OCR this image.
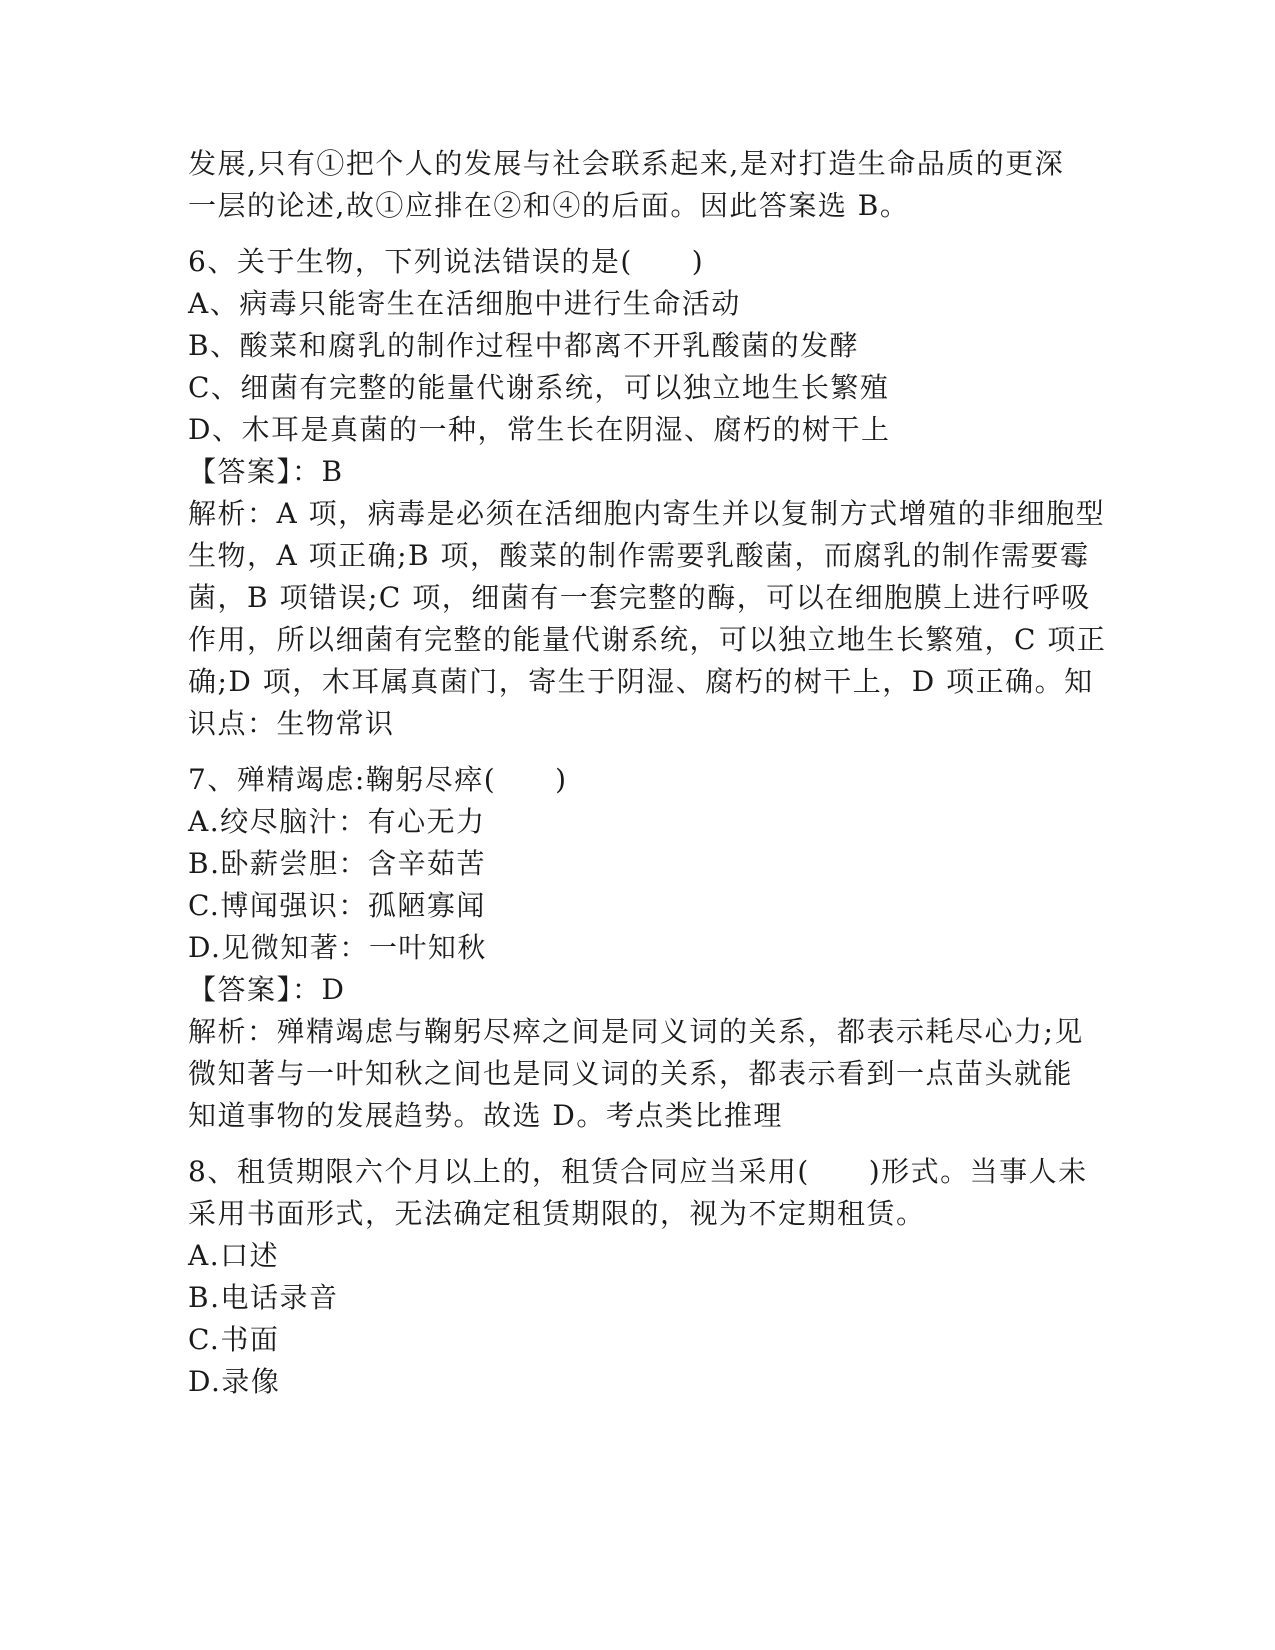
发展,只有①把个人的发展与社会联系起来,是对打造生命品质的更深
一层的论述,故①应排在②和④的后面。因此答案选 B。
6、关于生物，下列说法错误的是(　　)
A、病毒只能寄生在活细胞中进行生命活动
B、酸菜和腐乳的制作过程中都离不开乳酸菌的发酵
C、细菌有完整的能量代谢系统，可以独立地生长繁殖
D、木耳是真菌的一种，常生长在阴湿、腐朽的树干上
【答案】：B
解析：A 项，病毒是必须在活细胞内寄生并以复制方式增殖的非细胞型
生物，A 项正确;B 项，酸菜的制作需要乳酸菌，而腐乳的制作需要霉
菌，B 项错误;C 项，细菌有一套完整的酶，可以在细胞膜上进行呼吸
作用，所以细菌有完整的能量代谢系统，可以独立地生长繁殖，C 项正
确;D 项，木耳属真菌门，寄生于阴湿、腐朽的树干上，D 项正确。知
识点：生物常识
7、殚精竭虑:鞠躬尽瘁(　　)
A.绞尽脑汁：有心无力
B.卧薪尝胆：含辛茹苦
C.博闻强识：孤陋寡闻
D.见微知著：一叶知秋
【答案】：D
解析：殚精竭虑与鞠躬尽瘁之间是同义词的关系，都表示耗尽心力;见
微知著与一叶知秋之间也是同义词的关系，都表示看到一点苗头就能
知道事物的发展趋势。故选 D。考点类比推理
8、租赁期限六个月以上的，租赁合同应当采用(　　)形式。当事人未
采用书面形式，无法确定租赁期限的，视为不定期租赁。
A.口述
B.电话录音
C.书面
D.录像
